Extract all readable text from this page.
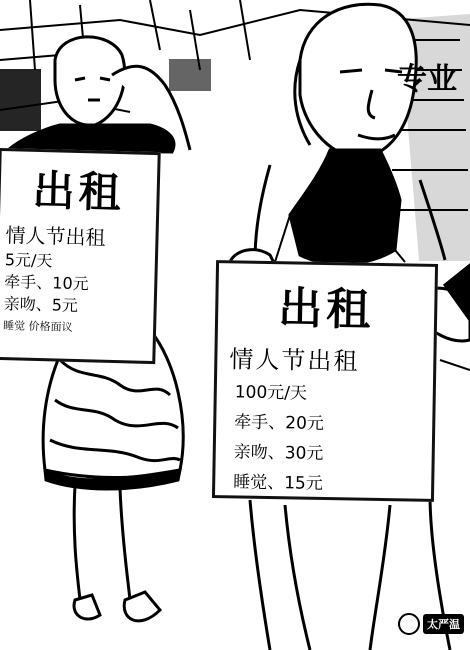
专业
出租
情人节出租
5元/天
牵手、10元
亲吻、5元
睡觉 价格面议	出租
情人节出租
100元/天
牵手、20元
亲吻、30元
睡觉、15元
太严温
